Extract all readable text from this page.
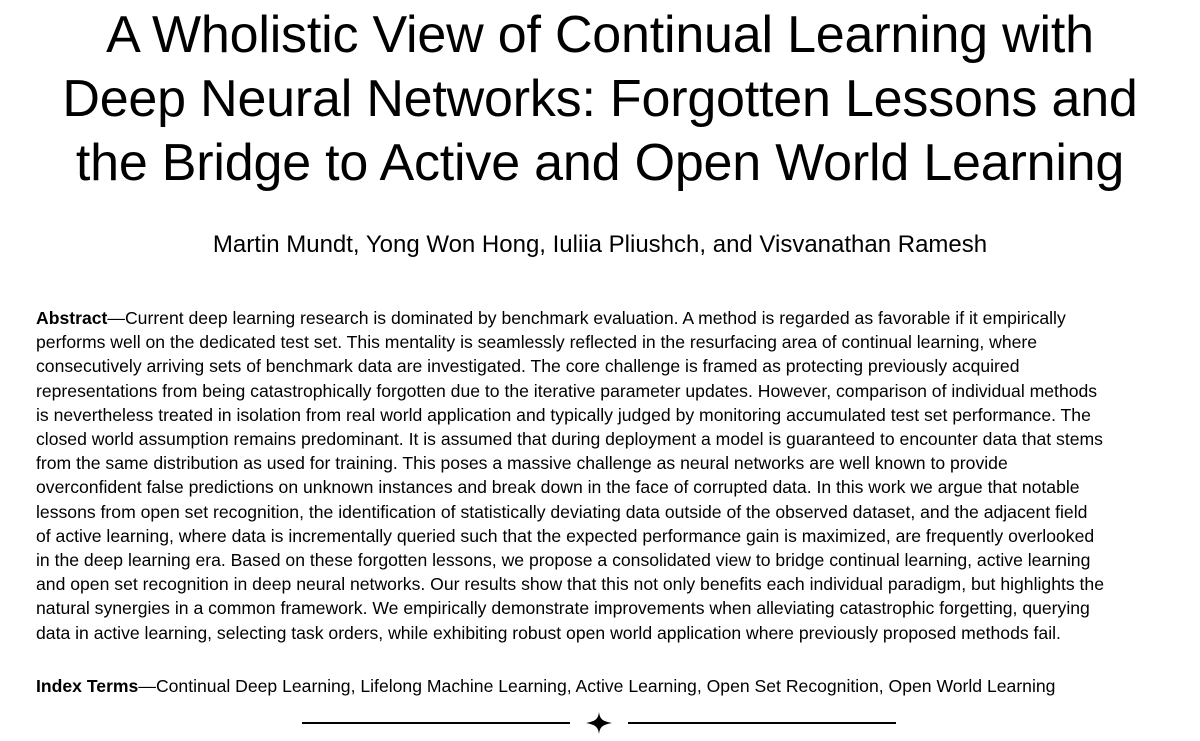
A Wholistic View of Continual Learning with
Deep Neural Networks: Forgotten Lessons and
the Bridge to Active and Open World Learning
Martin Mundt, Yong Won Hong, Iuliia Pliushch, and Visvanathan Ramesh

Abstract—Current deep learning research is dominated by benchmark evaluation. A method is regarded as favorable if it empirically
performs well on the dedicated test set. This mentality is seamlessly reflected in the resurfacing area of continual learning, where
consecutively arriving sets of benchmark data are investigated. The core challenge is framed as protecting previously acquired
representations from being catastrophically forgotten due to the iterative parameter updates. However, comparison of individual methods
is nevertheless treated in isolation from real world application and typically judged by monitoring accumulated test set performance. The
closed world assumption remains predominant. It is assumed that during deployment a model is guaranteed to encounter data that stems
from the same distribution as used for training. This poses a massive challenge as neural networks are well known to provide
overconfident false predictions on unknown instances and break down in the face of corrupted data. In this work we argue that notable
lessons from open set recognition, the identification of statistically deviating data outside of the observed dataset, and the adjacent field
of active learning, where data is incrementally queried such that the expected performance gain is maximized, are frequently overlooked
in the deep learning era. Based on these forgotten lessons, we propose a consolidated view to bridge continual learning, active learning
and open set recognition in deep neural networks. Our results show that this not only benefits each individual paradigm, but highlights the
natural synergies in a common framework. We empirically demonstrate improvements when alleviating catastrophic forgetting, querying
data in active learning, selecting task orders, while exhibiting robust open world application where previously proposed methods fail.

Index Terms—Continual Deep Learning, Lifelong Machine Learning, Active Learning, Open Set Recognition, Open World Learning
